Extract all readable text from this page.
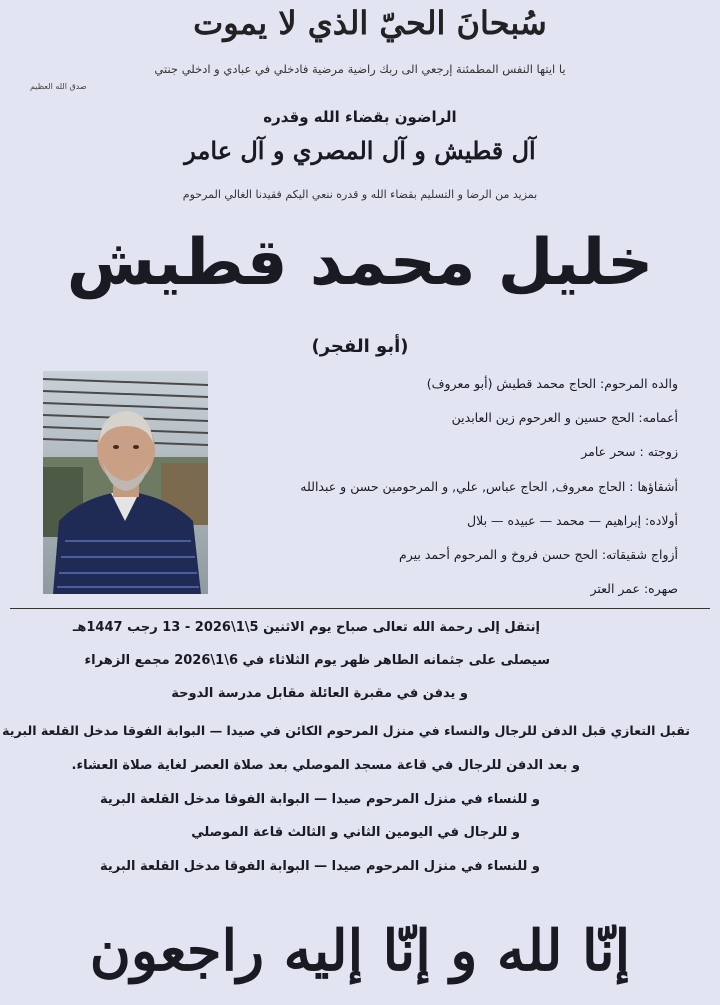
سُبحانَ الحيّ الذي لا يموت
يا ايتها النفس المطمئنة إرجعي الى ربك راضية مرضية فادخلي في عبادي و ادخلي جنتي
صدق الله العظيم
الراضون بقضاء الله وقدره
آل قطيش و آل المصري و آل عامر
بمزيد من الرضا و التسليم بقضاء الله و قدره ننعي اليكم فقيدنا الغالي المرحوم
خليل محمد قطيش
(أبو الفجر)
والده المرحوم: الحاج محمد قطيش (أبو معروف)
أعمامه: الحج حسين و العرحوم زين العابدين
زوجته : سحر عامر
أشقاؤها : الحاج معروف, الحاج عباس, علي, و المرحومين حسن و عبدالله
أولاده: إبراهيم — محمد — عبيده — بلال
أزواج شقيقاته: الحج حسن فروخ و المرحوم أحمد بيرم
صهره: عمر العتر
إنتقل إلى رحمة الله تعالى صباح يوم الاثنين 5\1\2026 - 13 رجب 1447هـ
سيصلى على جثمانه الطاهر ظهر يوم الثلاثاء في 6\1\2026 مجمع الزهراء
و يدفن في مقبرة العائلة مقابل مدرسة الدوحة
تقبل التعازي قبل الدفن للرجال والنساء في منزل المرحوم الكائن في صيدا — البوابة الفوقا مدخل القلعة البرية
و بعد الدفن للرجال في قاعة مسجد الموصلي بعد صلاة العصر لغاية صلاة العشاء.
و للنساء في منزل المرحوم صيدا — البوابة الفوقا مدخل القلعة البرية
و للرجال في اليومين الثاني و الثالث قاعة الموصلي
و للنساء في منزل المرحوم صيدا — البوابة الفوقا مدخل القلعة البرية
إنّا لله و إنّا إليه راجعون
